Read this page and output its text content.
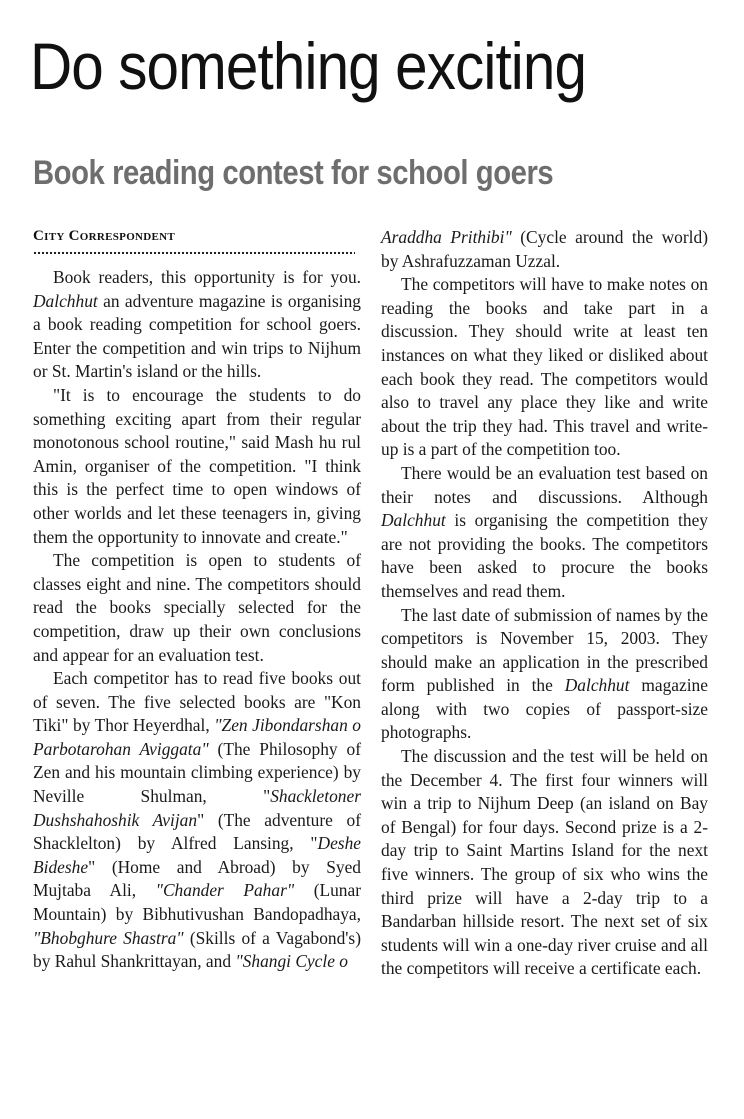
Do something exciting
Book reading contest for school goers
City Correspondent

Book readers, this opportunity is for you. Dalchhut an adventure magazine is organising a book reading competition for school goers. Enter the competition and win trips to Nijhum or St. Martin's island or the hills.

"It is to encourage the students to do something exciting apart from their regular monotonous school routine," said Mash hu rul Amin, organiser of the competition. "I think this is the perfect time to open windows of other worlds and let these teenagers in, giving them the opportunity to innovate and create."

The competition is open to students of classes eight and nine. The competitors should read the books specially selected for the competition, draw up their own conclusions and appear for an evaluation test.

Each competitor has to read five books out of seven. The five selected books are "Kon Tiki" by Thor Heyerdhal, "Zen Jibondarshan o Parbotarohan Aviggata" (The Philosophy of Zen and his mountain climbing experience) by Neville Shulman, "Shackletoner Dushshahoshik Avijan" (The adventure of Shacklelton) by Alfred Lansing, "Deshe Bideshe" (Home and Abroad) by Syed Mujtaba Ali, "Chander Pahar" (Lunar Mountain) by Bibhutivushan Bandopadhaya, "Bhobghure Shastra" (Skills of a Vagabond's) by Rahul Shankrittayan, and "Shangi Cycle o

Araddha Prithibi" (Cycle around the world) by Ashrafuzzaman Uzzal.

The competitors will have to make notes on reading the books and take part in a discussion. They should write at least ten instances on what they liked or disliked about each book they read. The competitors would also to travel any place they like and write about the trip they had. This travel and write-up is a part of the competition too.

There would be an evaluation test based on their notes and discussions. Although Dalchhut is organising the competition they are not providing the books. The competitors have been asked to procure the books themselves and read them.

The last date of submission of names by the competitors is November 15, 2003. They should make an application in the prescribed form published in the Dalchhut magazine along with two copies of passport-size photographs.

The discussion and the test will be held on the December 4. The first four winners will win a trip to Nijhum Deep (an island on Bay of Bengal) for four days. Second prize is a 2-day trip to Saint Martins Island for the next five winners. The group of six who wins the third prize will have a 2-day trip to a Bandarban hillside resort. The next set of six students will win a one-day river cruise and all the competitors will receive a certificate each.
